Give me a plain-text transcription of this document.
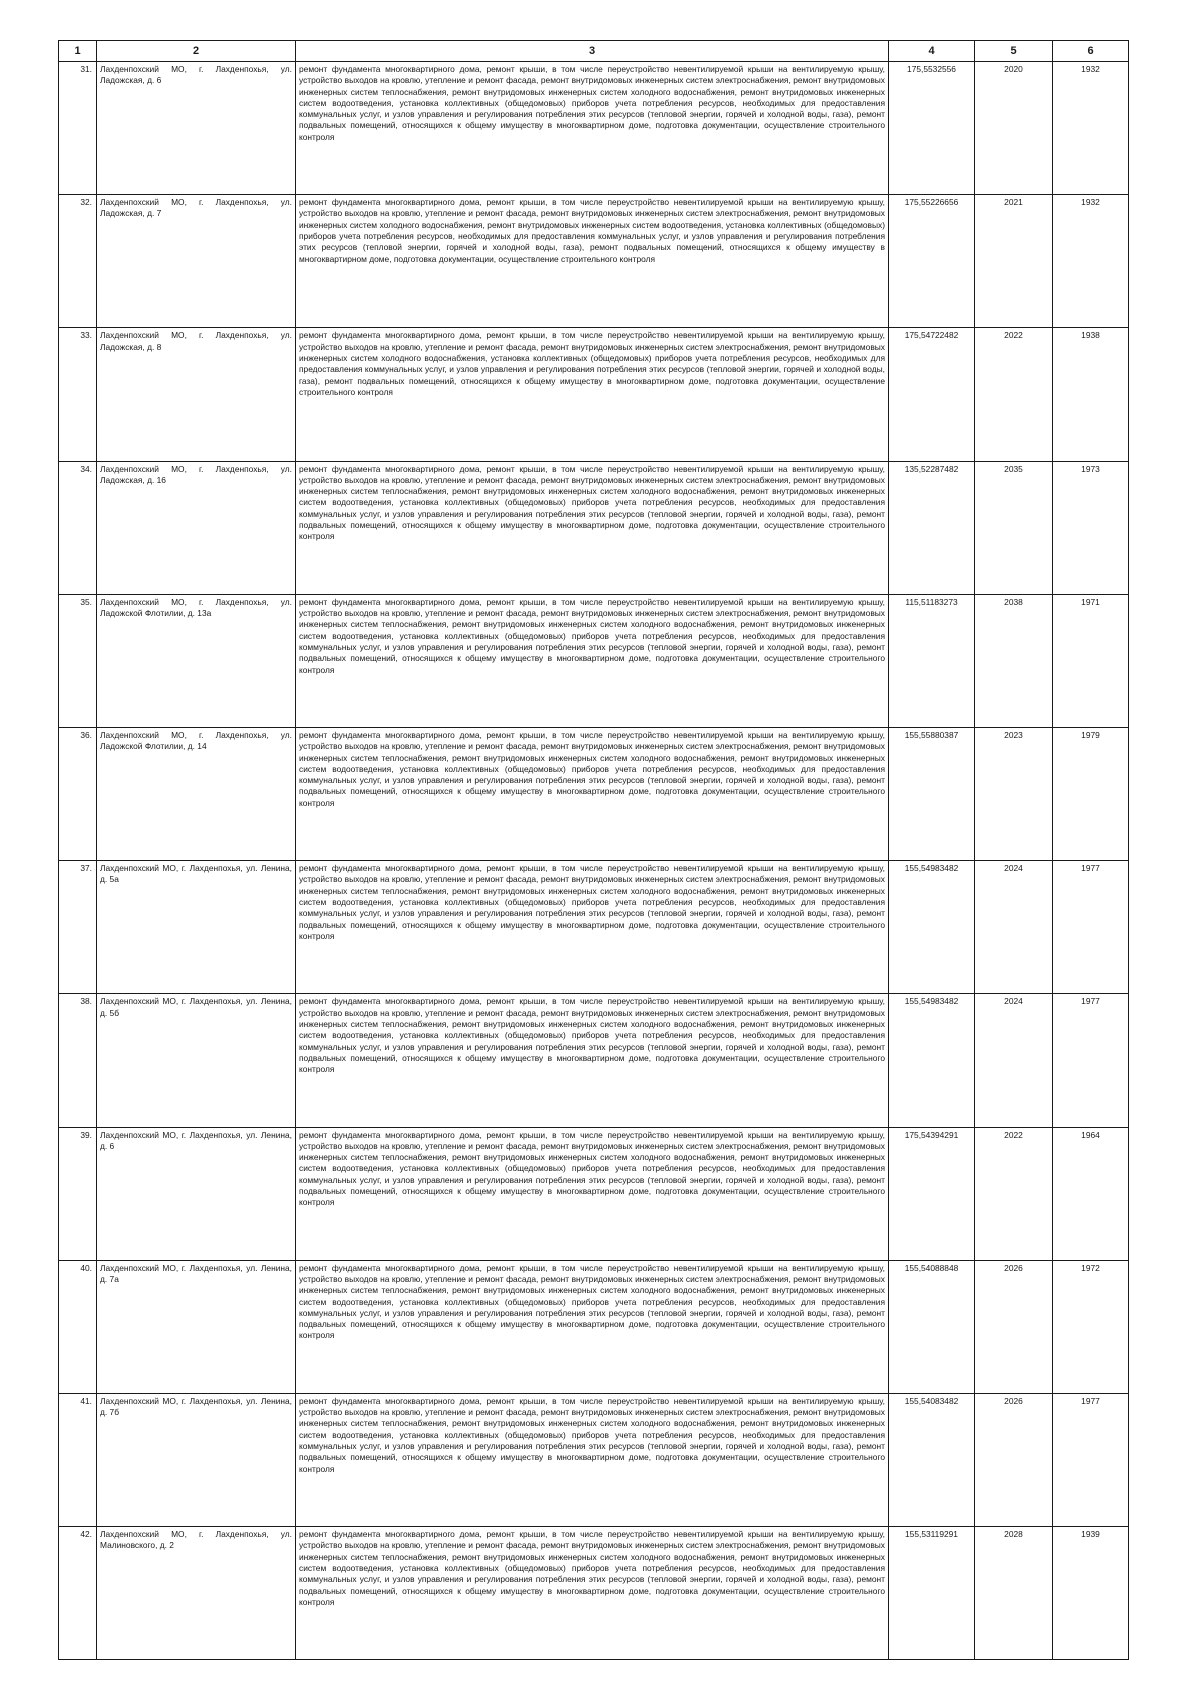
1	2	3	4	5	6

31.	Лахденпохский МО, г. Лахденпохья, ул. Ладожская, д. 6	ремонт фундамента многоквартирного дома, ремонт крыши, в том числе переустройство невентилируемой крыши на вентилируемую крышу, устройство выходов на кровлю, утепление и ремонт фасада, ремонт внутридомовых инженерных систем электроснабжения, ремонт внутридомовых инженерных систем теплоснабжения, ремонт внутридомовых инженерных систем холодного водоснабжения, ремонт внутридомовых инженерных систем водоотведения, установка коллективных (общедомовых) приборов учета потребления ресурсов, необходимых для предоставления коммунальных услуг, и узлов управления и регулирования потребления этих ресурсов (тепловой энергии, горячей и холодной воды, газа), ремонт подвальных помещений, относящихся к общему имуществу в многоквартирном доме, подготовка документации, осуществление строительного контроля	175,5532556	2020	1932

32.	Лахденпохский МО, г. Лахденпохья, ул. Ладожская, д. 7	ремонт фундамента многоквартирного дома, ремонт крыши, в том числе переустройство невентилируемой крыши на вентилируемую крышу, устройство выходов на кровлю, утепление и ремонт фасада, ремонт внутридомовых инженерных систем электроснабжения, ремонт внутридомовых инженерных систем холодного водоснабжения, ремонт внутридомовых инженерных систем водоотведения, установка коллективных (общедомовых) приборов учета потребления ресурсов, необходимых для предоставления коммунальных услуг, и узлов управления и регулирования потребления этих ресурсов (тепловой энергии, горячей и холодной воды, газа), ремонт подвальных помещений, относящихся к общему имуществу в многоквартирном доме, подготовка документации, осуществление строительного контроля	175,55226656	2021	1932

33.	Лахденпохский МО, г. Лахденпохья, ул. Ладожская, д. 8	ремонт фундамента многоквартирного дома, ремонт крыши, в том числе переустройство невентилируемой крыши на вентилируемую крышу, устройство выходов на кровлю, утепление и ремонт фасада, ремонт внутридомовых инженерных систем электроснабжения, ремонт внутридомовых инженерных систем холодного водоснабжения, установка коллективных (общедомовых) приборов учета потребления ресурсов, необходимых для предоставления коммунальных услуг, и узлов управления и регулирования потребления этих ресурсов (тепловой энергии, горячей и холодной воды, газа), ремонт подвальных помещений, относящихся к общему имуществу в многоквартирном доме, подготовка документации, осуществление строительного контроля	175,54722482	2022	1938

34.	Лахденпохский МО, г. Лахденпохья, ул. Ладожская, д. 16	ремонт фундамента многоквартирного дома, ремонт крыши, в том числе переустройство невентилируемой крыши на вентилируемую крышу, устройство выходов на кровлю, утепление и ремонт фасада, ремонт внутридомовых инженерных систем электроснабжения, ремонт внутридомовых инженерных систем теплоснабжения, ремонт внутридомовых инженерных систем холодного водоснабжения, ремонт внутридомовых инженерных систем водоотведения, установка коллективных (общедомовых) приборов учета потребления ресурсов, необходимых для предоставления коммунальных услуг, и узлов управления и регулирования потребления этих ресурсов (тепловой энергии, горячей и холодной воды, газа), ремонт подвальных помещений, относящихся к общему имуществу в многоквартирном доме, подготовка документации, осуществление строительного контроля	135,52287482	2035	1973

35.	Лахденпохский МО, г. Лахденпохья, ул. Ладожской Флотилии, д. 13а	ремонт фундамента многоквартирного дома, ремонт крыши, в том числе переустройство невентилируемой крыши на вентилируемую крышу, устройство выходов на кровлю, утепление и ремонт фасада, ремонт внутридомовых инженерных систем электроснабжения, ремонт внутридомовых инженерных систем теплоснабжения, ремонт внутридомовых инженерных систем холодного водоснабжения, ремонт внутридомовых инженерных систем водоотведения, установка коллективных (общедомовых) приборов учета потребления ресурсов, необходимых для предоставления коммунальных услуг, и узлов управления и регулирования потребления этих ресурсов (тепловой энергии, горячей и холодной воды, газа), ремонт подвальных помещений, относящихся к общему имуществу в многоквартирном доме, подготовка документации, осуществление строительного контроля	115,51183273	2038	1971

36.	Лахденпохский МО, г. Лахденпохья, ул. Ладожской Флотилии, д. 14	ремонт фундамента многоквартирного дома, ремонт крыши, в том числе переустройство невентилируемой крыши на вентилируемую крышу, устройство выходов на кровлю, утепление и ремонт фасада, ремонт внутридомовых инженерных систем электроснабжения, ремонт внутридомовых инженерных систем теплоснабжения, ремонт внутридомовых инженерных систем холодного водоснабжения, ремонт внутридомовых инженерных систем водоотведения, установка коллективных (общедомовых) приборов учета потребления ресурсов, необходимых для предоставления коммунальных услуг, и узлов управления и регулирования потребления этих ресурсов (тепловой энергии, горячей и холодной воды, газа), ремонт подвальных помещений, относящихся к общему имуществу в многоквартирном доме, подготовка документации, осуществление строительного контроля	155,55880387	2023	1979

37.	Лахденпохский МО, г. Лахденпохья, ул. Ленина, д. 5а	ремонт фундамента многоквартирного дома, ремонт крыши, в том числе переустройство невентилируемой крыши на вентилируемую крышу, устройство выходов на кровлю, утепление и ремонт фасада, ремонт внутридомовых инженерных систем электроснабжения, ремонт внутридомовых инженерных систем теплоснабжения, ремонт внутридомовых инженерных систем холодного водоснабжения, ремонт внутридомовых инженерных систем водоотведения, установка коллективных (общедомовых) приборов учета потребления ресурсов, необходимых для предоставления коммунальных услуг, и узлов управления и регулирования потребления этих ресурсов (тепловой энергии, горячей и холодной воды, газа), ремонт подвальных помещений, относящихся к общему имуществу в многоквартирном доме, подготовка документации, осуществление строительного контроля	155,54983482	2024	1977

38.	Лахденпохский МО, г. Лахденпохья, ул. Ленина, д. 5б	ремонт фундамента многоквартирного дома, ремонт крыши, в том числе переустройство невентилируемой крыши на вентилируемую крышу, устройство выходов на кровлю, утепление и ремонт фасада, ремонт внутридомовых инженерных систем электроснабжения, ремонт внутридомовых инженерных систем теплоснабжения, ремонт внутридомовых инженерных систем холодного водоснабжения, ремонт внутридомовых инженерных систем водоотведения, установка коллективных (общедомовых) приборов учета потребления ресурсов, необходимых для предоставления коммунальных услуг, и узлов управления и регулирования потребления этих ресурсов (тепловой энергии, горячей и холодной воды, газа), ремонт подвальных помещений, относящихся к общему имуществу в многоквартирном доме, подготовка документации, осуществление строительного контроля	155,54983482	2024	1977

39.	Лахденпохский МО, г. Лахденпохья, ул. Ленина, д. 6	ремонт фундамента многоквартирного дома, ремонт крыши, в том числе переустройство невентилируемой крыши на вентилируемую крышу, устройство выходов на кровлю, утепление и ремонт фасада, ремонт внутридомовых инженерных систем электроснабжения, ремонт внутридомовых инженерных систем теплоснабжения, ремонт внутридомовых инженерных систем холодного водоснабжения, ремонт внутридомовых инженерных систем водоотведения, установка коллективных (общедомовых) приборов учета потребления ресурсов, необходимых для предоставления коммунальных услуг, и узлов управления и регулирования потребления этих ресурсов (тепловой энергии, горячей и холодной воды, газа), ремонт подвальных помещений, относящихся к общему имуществу в многоквартирном доме, подготовка документации, осуществление строительного контроля	175,54394291	2022	1964

40.	Лахденпохский МО, г. Лахденпохья, ул. Ленина, д. 7а	ремонт фундамента многоквартирного дома, ремонт крыши, в том числе переустройство невентилируемой крыши на вентилируемую крышу, устройство выходов на кровлю, утепление и ремонт фасада, ремонт внутридомовых инженерных систем электроснабжения, ремонт внутридомовых инженерных систем теплоснабжения, ремонт внутридомовых инженерных систем холодного водоснабжения, ремонт внутридомовых инженерных систем водоотведения, установка коллективных (общедомовых) приборов учета потребления ресурсов, необходимых для предоставления коммунальных услуг, и узлов управления и регулирования потребления этих ресурсов (тепловой энергии, горячей и холодной воды, газа), ремонт подвальных помещений, относящихся к общему имуществу в многоквартирном доме, подготовка документации, осуществление строительного контроля	155,54088848	2026	1972

41.	Лахденпохский МО, г. Лахденпохья, ул. Ленина, д. 7б	ремонт фундамента многоквартирного дома, ремонт крыши, в том числе переустройство невентилируемой крыши на вентилируемую крышу, устройство выходов на кровлю, утепление и ремонт фасада, ремонт внутридомовых инженерных систем электроснабжения, ремонт внутридомовых инженерных систем теплоснабжения, ремонт внутридомовых инженерных систем холодного водоснабжения, ремонт внутридомовых инженерных систем водоотведения, установка коллективных (общедомовых) приборов учета потребления ресурсов, необходимых для предоставления коммунальных услуг, и узлов управления и регулирования потребления этих ресурсов (тепловой энергии, горячей и холодной воды, газа), ремонт подвальных помещений, относящихся к общему имуществу в многоквартирном доме, подготовка документации, осуществление строительного контроля	155,54083482	2026	1977

42.	Лахденпохский МО, г. Лахденпохья, ул. Малиновского, д. 2	ремонт фундамента многоквартирного дома, ремонт крыши, в том числе переустройство невентилируемой крыши на вентилируемую крышу, устройство выходов на кровлю, утепление и ремонт фасада, ремонт внутридомовых инженерных систем электроснабжения, ремонт внутридомовых инженерных систем теплоснабжения, ремонт внутридомовых инженерных систем холодного водоснабжения, ремонт внутридомовых инженерных систем водоотведения, установка коллективных (общедомовых) приборов учета потребления ресурсов, необходимых для предоставления коммунальных услуг, и узлов управления и регулирования потребления этих ресурсов (тепловой энергии, горячей и холодной воды, газа), ремонт подвальных помещений, относящихся к общему имуществу в многоквартирном доме, подготовка документации, осуществление строительного контроля	155,53119291	2028	1939
